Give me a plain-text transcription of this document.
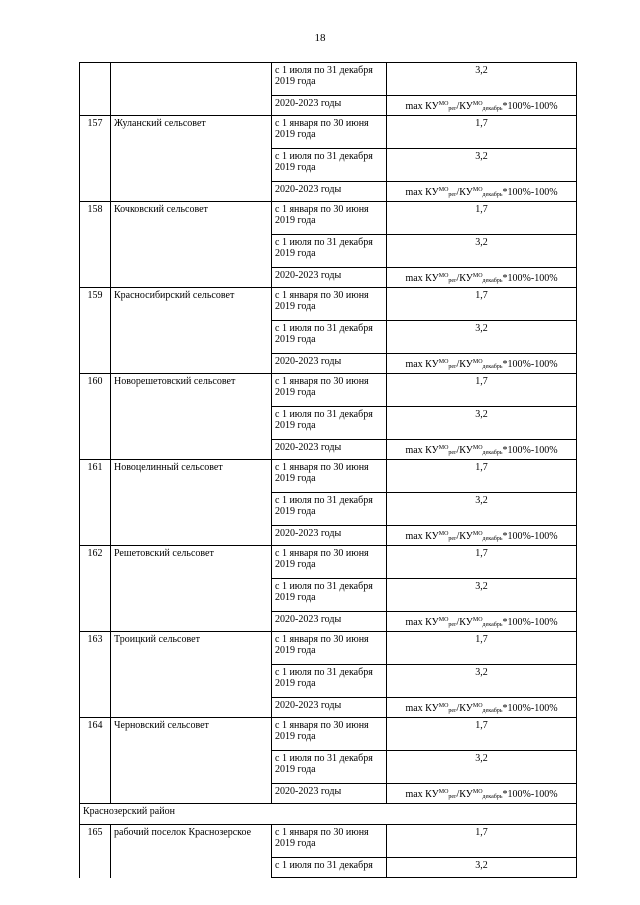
18
		с 1 июля по 31 декабря 2019 года	3,2
		2020-2023 годы	$\max КУ^{МО}_{рег}/КУ^{МО}_{декабрь}*100\%-100\%$
157	Жуланский сельсовет	с 1 января по 30 июня 2019 года	1,7
		с 1 июля по 31 декабря 2019 года	3,2
		2020-2023 годы	$\max КУ^{МО}_{рег}/КУ^{МО}_{декабрь}*100\%-100\%$
158	Кочковский сельсовет	с 1 января по 30 июня 2019 года	1,7
		с 1 июля по 31 декабря 2019 года	3,2
		2020-2023 годы	$\max КУ^{МО}_{рег}/КУ^{МО}_{декабрь}*100\%-100\%$
159	Красносибирский сельсовет	с 1 января по 30 июня 2019 года	1,7
		с 1 июля по 31 декабря 2019 года	3,2
		2020-2023 годы	$\max КУ^{МО}_{рег}/КУ^{МО}_{декабрь}*100\%-100\%$
160	Новорешетовский сельсовет	с 1 января по 30 июня 2019 года	1,7
		с 1 июля по 31 декабря 2019 года	3,2
		2020-2023 годы	$\max КУ^{МО}_{рег}/КУ^{МО}_{декабрь}*100\%-100\%$
161	Новоцелинный сельсовет	с 1 января по 30 июня 2019 года	1,7
		с 1 июля по 31 декабря 2019 года	3,2
		2020-2023 годы	$\max КУ^{МО}_{рег}/КУ^{МО}_{декабрь}*100\%-100\%$
162	Решетовский сельсовет	с 1 января по 30 июня 2019 года	1,7
		с 1 июля по 31 декабря 2019 года	3,2
		2020-2023 годы	$\max КУ^{МО}_{рег}/КУ^{МО}_{декабрь}*100\%-100\%$
163	Троицкий сельсовет	с 1 января по 30 июня 2019 года	1,7
		с 1 июля по 31 декабря 2019 года	3,2
		2020-2023 годы	$\max КУ^{МО}_{рег}/КУ^{МО}_{декабрь}*100\%-100\%$
164	Черновский сельсовет	с 1 января по 30 июня 2019 года	1,7
		с 1 июля по 31 декабря 2019 года	3,2
		2020-2023 годы	$\max КУ^{МО}_{рег}/КУ^{МО}_{декабрь}*100\%-100\%$
Краснозерский район			
165	рабочий поселок Краснозерское	с 1 января по 30 июня 2019 года	1,7
		с 1 июля по 31 декабря	3,2
